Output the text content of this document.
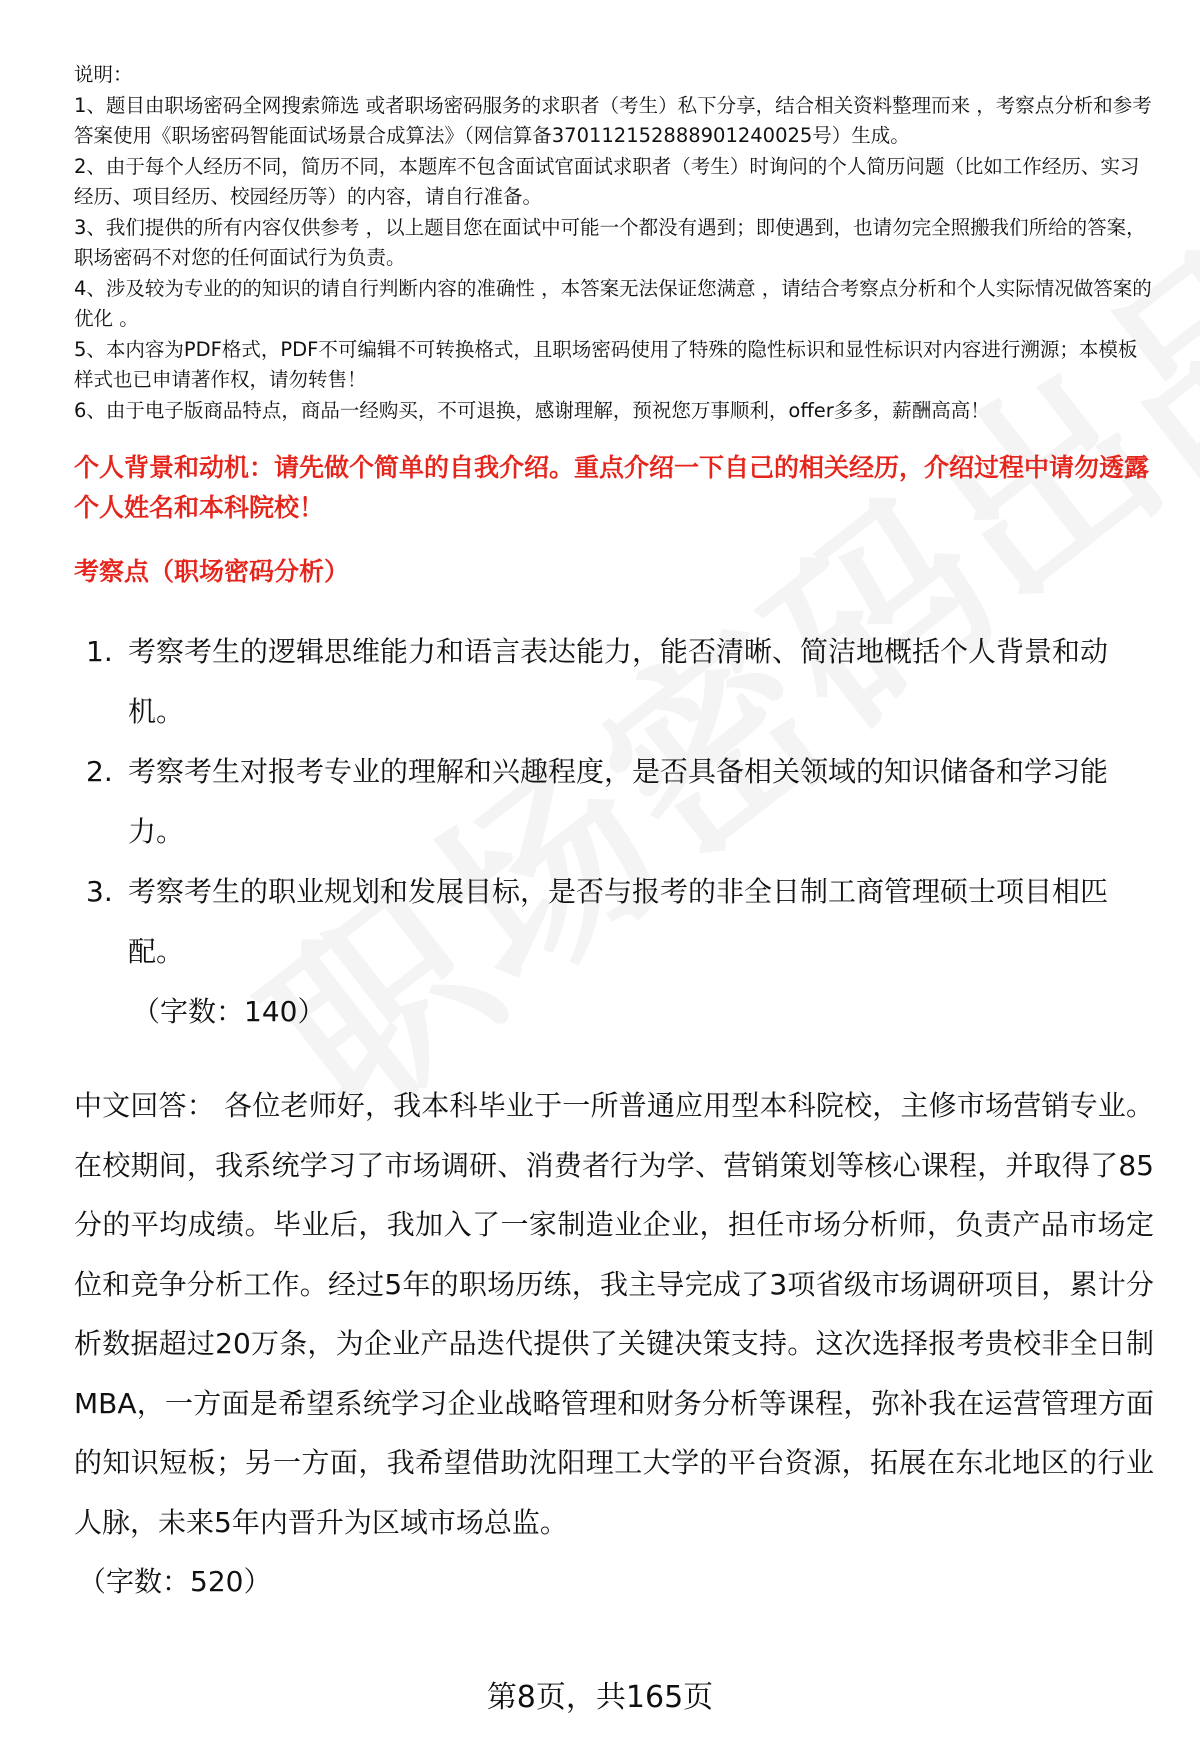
说明：

1、题目由职场密码全网搜索筛选 或者职场密码服务的求职者（考生）私下分享，结合相关资料整理而来 ，考察点分析和参考答案使用《职场密码智能面试场景合成算法》（网信算备370112152888901240025号）生成。

2、由于每个人经历不同，简历不同，本题库不包含面试官面试求职者（考生）时询问的个人简历问题（比如工作经历、实习经历、项目经历、校园经历等）的内容，请自行准备。

3、我们提供的所有内容仅供参考 ，以上题目您在面试中可能一个都没有遇到；即使遇到，也请勿完全照搬我们所给的答案，职场密码不对您的任何面试行为负责。

4、涉及较为专业的的知识的请自行判断内容的准确性 ，本答案无法保证您满意 ，请结合考察点分析和个人实际情况做答案的优化 。

5、本内容为PDF格式，PDF不可编辑不可转换格式，且职场密码使用了特殊的隐性标识和显性标识对内容进行溯源；本模板样式也已申请著作权，请勿转售！

6、由于电子版商品特点，商品一经购买，不可退换，感谢理解，预祝您万事顺利，offer多多，薪酬高高！

个人背景和动机：请先做个简单的自我介绍。重点介绍一下自己的相关经历，介绍过程中请勿透露个人姓名和本科院校！

考察点（职场密码分析）

1. 考察考生的逻辑思维能力和语言表达能力，能否清晰、简洁地概括个人背景和动机。
2. 考察考生对报考专业的理解和兴趣程度，是否具备相关领域的知识储备和学习能力。
3. 考察考生的职业规划和发展目标，是否与报考的非全日制工商管理硕士项目相匹配。

（字数：140）

中文回答： 各位老师好，我本科毕业于一所普通应用型本科院校，主修市场营销专业。在校期间，我系统学习了市场调研、消费者行为学、营销策划等核心课程，并取得了85分的平均成绩。毕业后，我加入了一家制造业企业，担任市场分析师，负责产品市场定位和竞争分析工作。经过5年的职场历练，我主导完成了3项省级市场调研项目，累计分析数据超过20万条，为企业产品迭代提供了关键决策支持。这次选择报考贵校非全日制MBA，一方面是希望系统学习企业战略管理和财务分析等课程，弥补我在运营管理方面的知识短板；另一方面，我希望借助沈阳理工大学的平台资源，拓展在东北地区的行业人脉，未来5年内晋升为区域市场总监。

（字数：520）

第8页，共165页
